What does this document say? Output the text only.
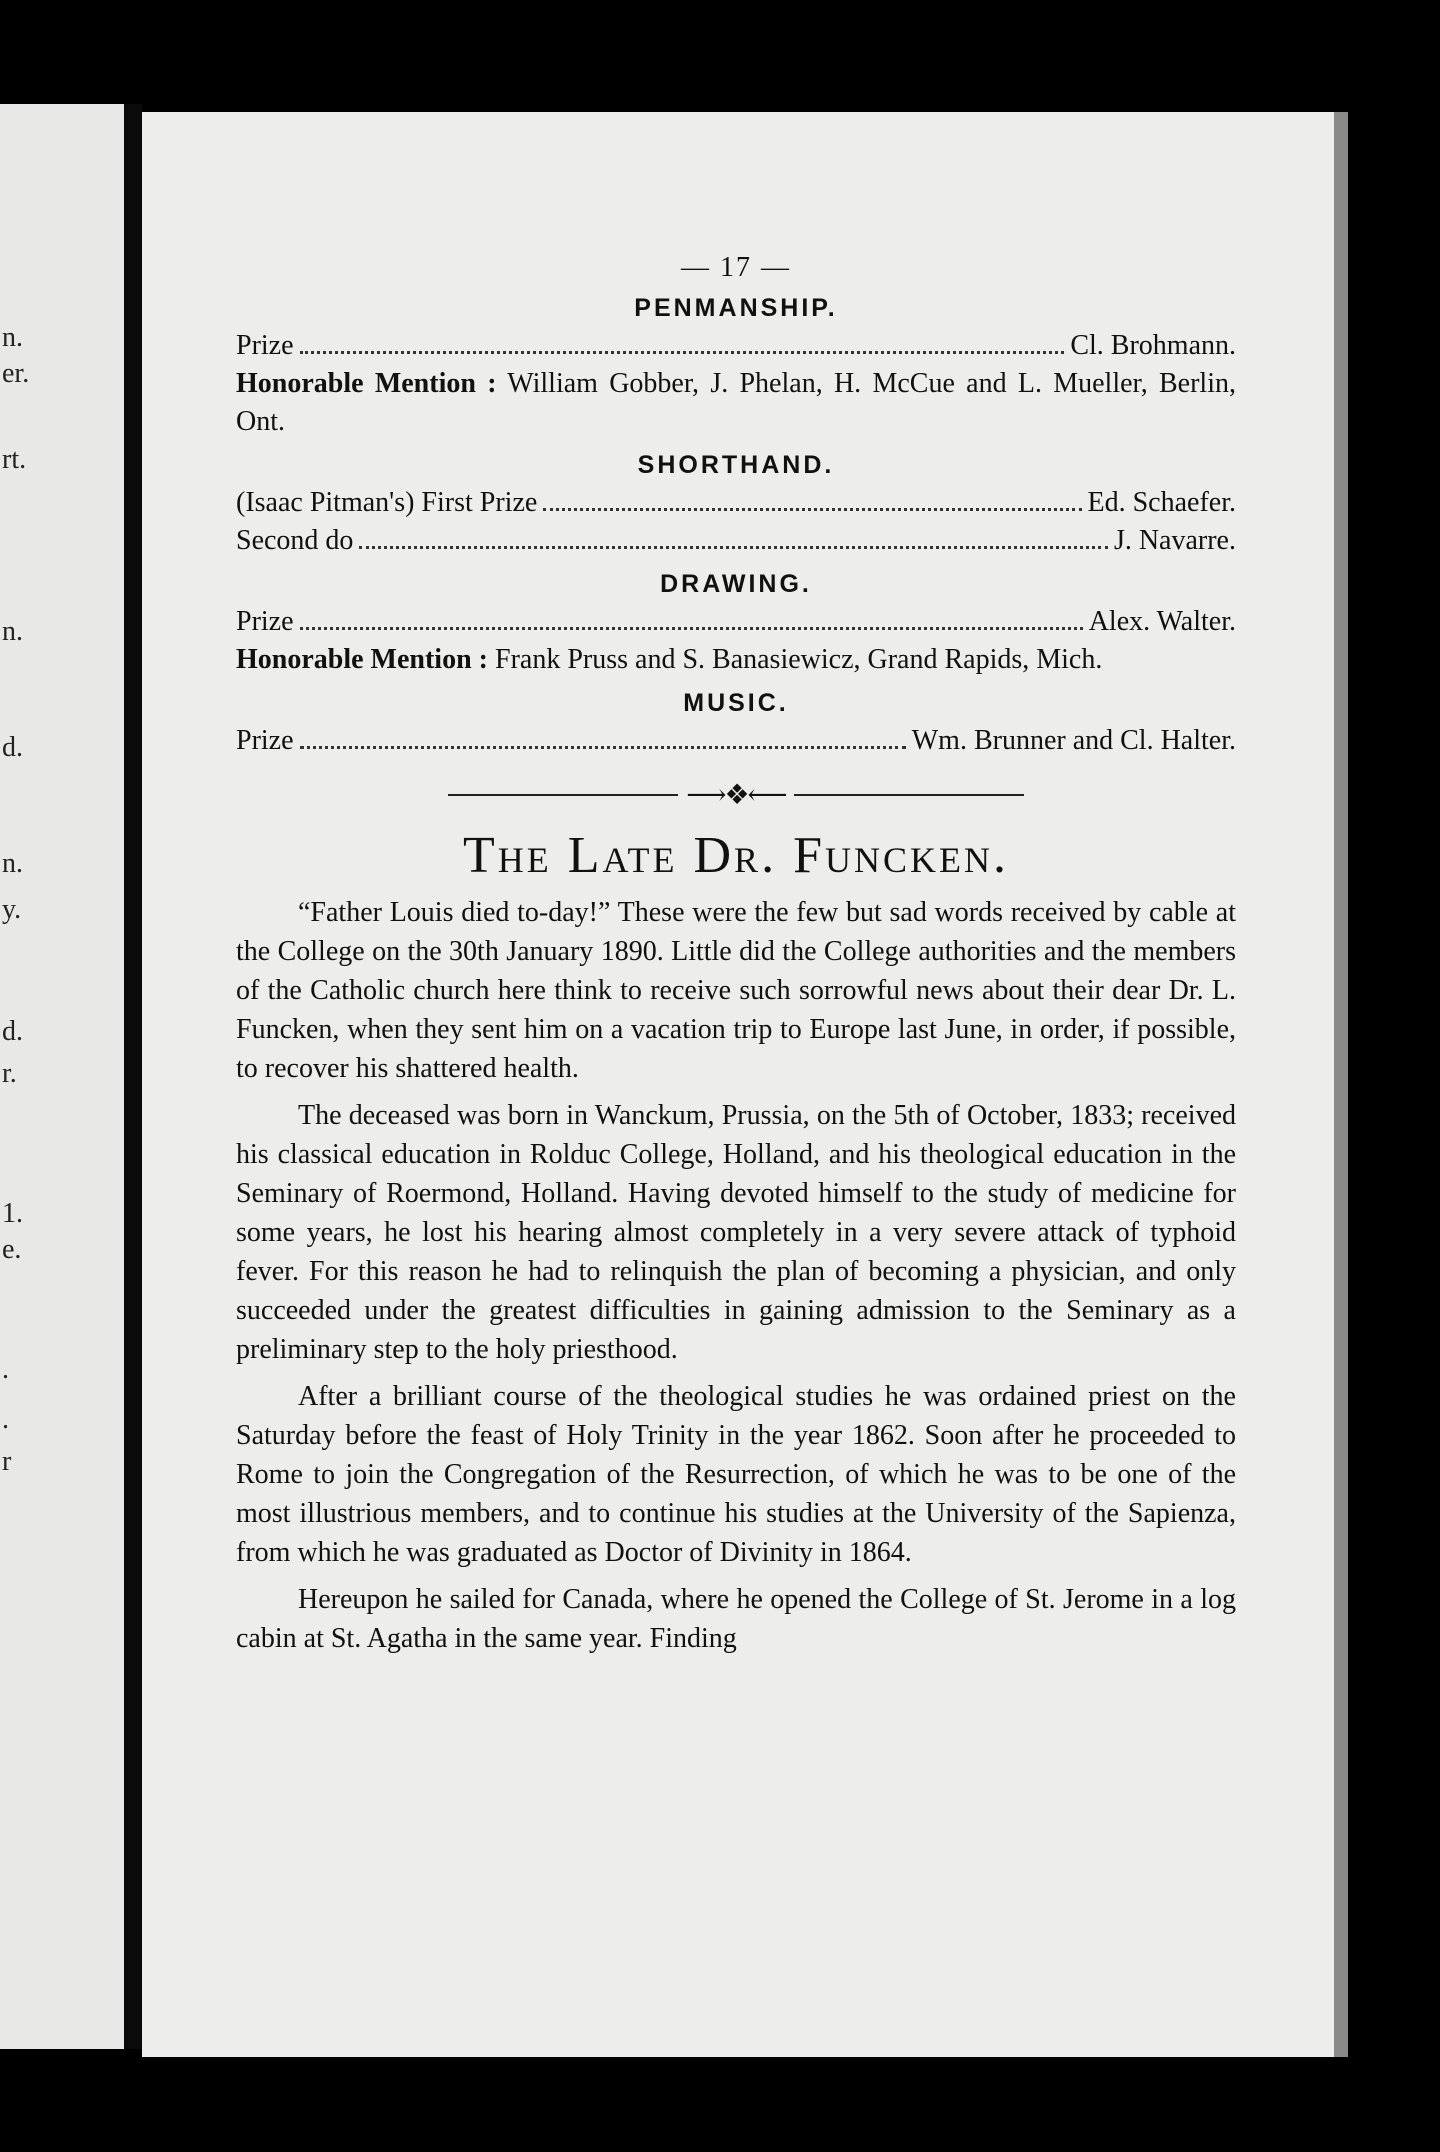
n.
er.
rt.
n.
d.
n.
y.
d.
r.
1.
e.
.
.
r
— 17 —
PENMANSHIP.
Prize	Cl. Brohmann.
Honorable Mention : William Gobber, J. Phelan, H. McCue and L. Mueller, Berlin, Ont.
SHORTHAND.
(Isaac Pitman's) First Prize	Ed. Schaefer.
Second do	J. Navarre.
DRAWING.
Prize	Alex. Walter.
Honorable Mention : Frank Pruss and S. Banasiewicz, Grand Rapids, Mich.
MUSIC.
Prize	Wm. Brunner and Cl. Halter.
⟶❖⟵
The Late Dr. Funcken.

“Father Louis died to-day!” These were the few but sad words received by cable at the College on the 30th January 1890. Little did the College authorities and the members of the Catholic church here think to receive such sorrowful news about their dear Dr. L. Funcken, when they sent him on a vacation trip to Europe last June, in order, if possible, to recover his shattered health.

The deceased was born in Wanckum, Prussia, on the 5th of October, 1833; received his classical education in Rolduc College, Holland, and his theological education in the Seminary of Roermond, Holland. Having devoted himself to the study of medicine for some years, he lost his hearing almost completely in a very severe attack of typhoid fever. For this reason he had to relinquish the plan of becoming a physician, and only succeeded under the greatest difficulties in gaining admission to the Seminary as a preliminary step to the holy priesthood.

After a brilliant course of the theological studies he was ordained priest on the Saturday before the feast of Holy Trinity in the year 1862. Soon after he proceeded to Rome to join the Congregation of the Resurrection, of which he was to be one of the most illustrious members, and to continue his studies at the University of the Sapienza, from which he was graduated as Doctor of Divinity in 1864.

Hereupon he sailed for Canada, where he opened the College of St. Jerome in a log cabin at St. Agatha in the same year. Finding
